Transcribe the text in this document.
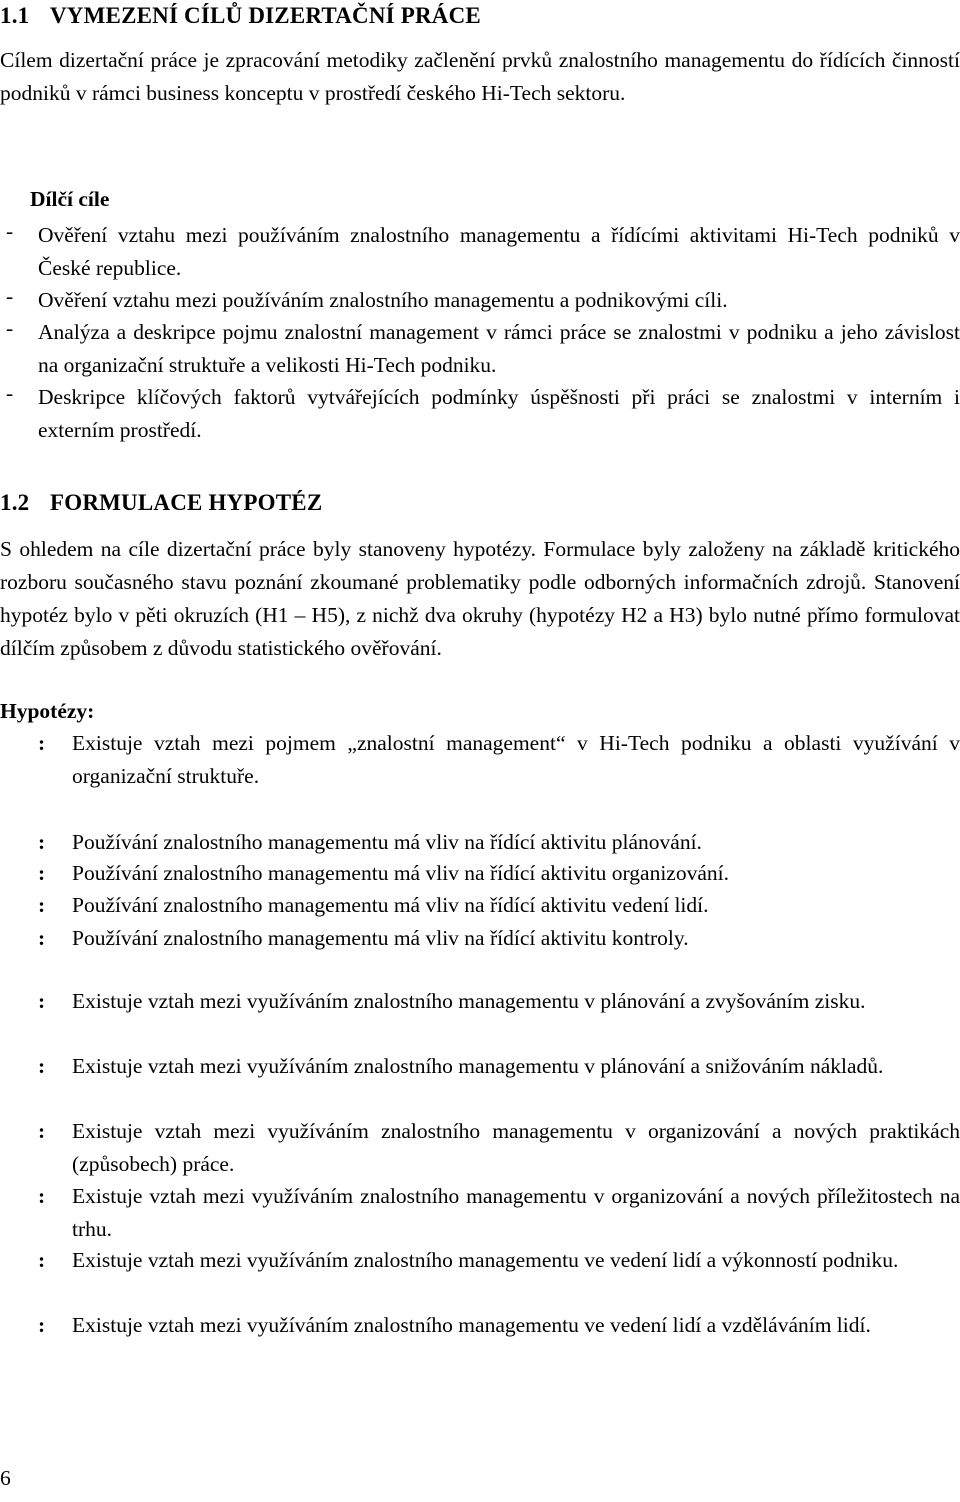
1.1 VYMEZENÍ CÍLŮ DIZERTAČNÍ PRÁCE
Cílem dizertační práce je zpracování metodiky začlenění prvků znalostního managementu do řídících činností podniků v rámci business konceptu v prostředí českého Hi-Tech sektoru.
Dílčí cíle
- Ověření vztahu mezi používáním znalostního managementu a řídícími aktivitami Hi-Tech podniků v České republice.
- Ověření vztahu mezi používáním znalostního managementu a podnikovými cíli.
- Analýza a deskripce pojmu znalostní management v rámci práce se znalostmi v podniku a jeho závislost na organizační struktuře a velikosti Hi-Tech podniku.
- Deskripce klíčových faktorů vytvářejících podmínky úspěšnosti při práci se znalostmi v interním i externím prostředí.
1.2 FORMULACE HYPOTÉZ
S ohledem na cíle dizertační práce byly stanoveny hypotézy. Formulace byly založeny na základě kritického rozboru současného stavu poznání zkoumané problematiky podle odborných informačních zdrojů. Stanovení hypotéz bylo v pěti okruzích (H1 – H5), z nichž dva okruhy (hypotézy H2 a H3) bylo nutné přímo formulovat dílčím způsobem z důvodu statistického ověřování.
Hypotézy:
: Existuje vztah mezi pojmem „znalostní management“ v Hi-Tech podniku a oblasti využívání v organizační struktuře.
: Používání znalostního managementu má vliv na řídící aktivitu plánování.
: Používání znalostního managementu má vliv na řídící aktivitu organizování.
: Používání znalostního managementu má vliv na řídící aktivitu vedení lidí.
: Používání znalostního managementu má vliv na řídící aktivitu kontroly.
: Existuje vztah mezi využíváním znalostního managementu v plánování a zvyšováním zisku.
: Existuje vztah mezi využíváním znalostního managementu v plánování a snižováním nákladů.
: Existuje vztah mezi využíváním znalostního managementu v organizování a nových praktikách (způsobech) práce.
: Existuje vztah mezi využíváním znalostního managementu v organizování a nových příležitostech na trhu.
: Existuje vztah mezi využíváním znalostního managementu ve vedení lidí a výkonností podniku.
: Existuje vztah mezi využíváním znalostního managementu ve vedení lidí a vzděláváním lidí.
6
